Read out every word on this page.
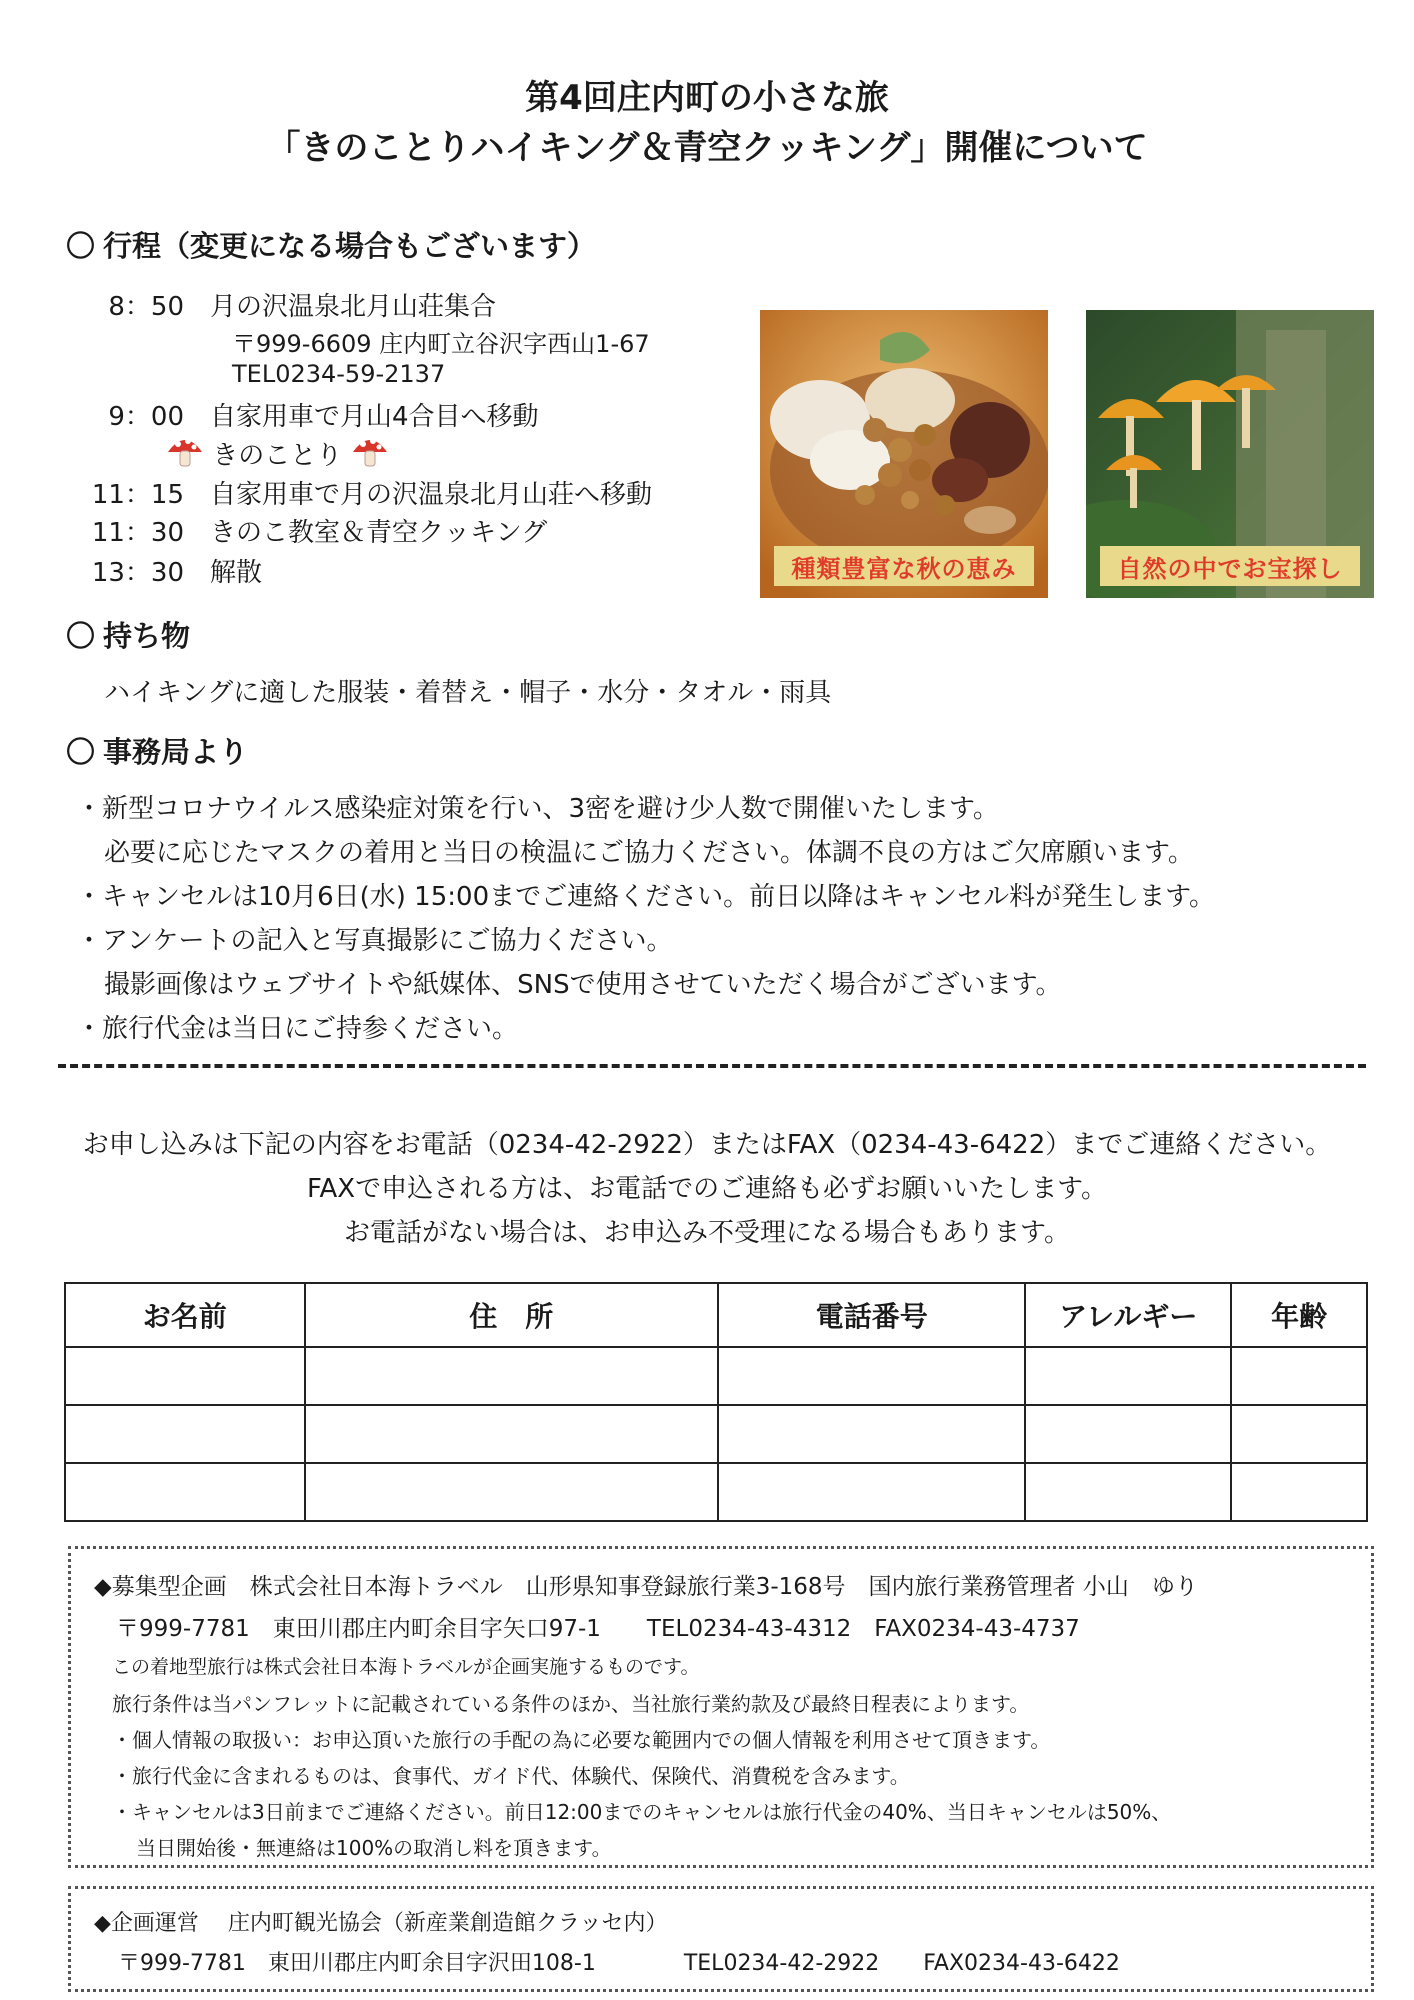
第4回庄内町の小さな旅
「きのことりハイキング＆青空クッキング」開催について
〇 行程（変更になる場合もございます）
8：50 月の沢温泉北月山荘集合
〒999-6609 庄内町立谷沢字西山1-67
TEL0234-59-2137
9：00 自家用車で月山4合目へ移動
きのことり
11：15 自家用車で月の沢温泉北月山荘へ移動
11：30 きのこ教室＆青空クッキング
13：30 解散	種類豊富な秋の恵み	自然の中でお宝探し
〇 持ち物
ハイキングに適した服装・着替え・帽子・水分・タオル・雨具
〇 事務局より
・新型コロナウイルス感染症対策を行い、3密を避け少人数で開催いたします。
必要に応じたマスクの着用と当日の検温にご協力ください。体調不良の方はご欠席願います。
・キャンセルは10月6日(水) 15:00までご連絡ください。前日以降はキャンセル料が発生します。
・アンケートの記入と写真撮影にご協力ください。
撮影画像はウェブサイトや紙媒体、SNSで使用させていただく場合がございます。
・旅行代金は当日にご持参ください。
お申し込みは下記の内容をお電話（0234-42-2922）またはFAX（0234-43-6422）までご連絡ください。
FAXで申込される方は、お電話でのご連絡も必ずお願いいたします。
お電話がない場合は、お申込み不受理になる場合もあります。
お名前	住　所	電話番号	アレルギー	年齢

◆募集型企画　株式会社日本海トラベル　山形県知事登録旅行業3-168号　国内旅行業務管理者 小山　ゆり
〒999-7781　東田川郡庄内町余目字矢口97-1　　TEL0234-43-4312　FAX0234-43-4737
この着地型旅行は株式会社日本海トラベルが企画実施するものです。
旅行条件は当パンフレットに記載されている条件のほか、当社旅行業約款及び最終日程表によります。
・個人情報の取扱い：お申込頂いた旅行の手配の為に必要な範囲内での個人情報を利用させて頂きます。
・旅行代金に含まれるものは、食事代、ガイド代、体験代、保険代、消費税を含みます。
・キャンセルは3日前までご連絡ください。前日12:00までのキャンセルは旅行代金の40%、当日キャンセルは50%、
当日開始後・無連絡は100%の取消し料を頂きます。
◆企画運営　 庄内町観光協会（新産業創造館クラッセ内）
〒999-7781　東田川郡庄内町余目字沢田108-1　　　　TEL0234-42-2922　　FAX0234-43-6422
